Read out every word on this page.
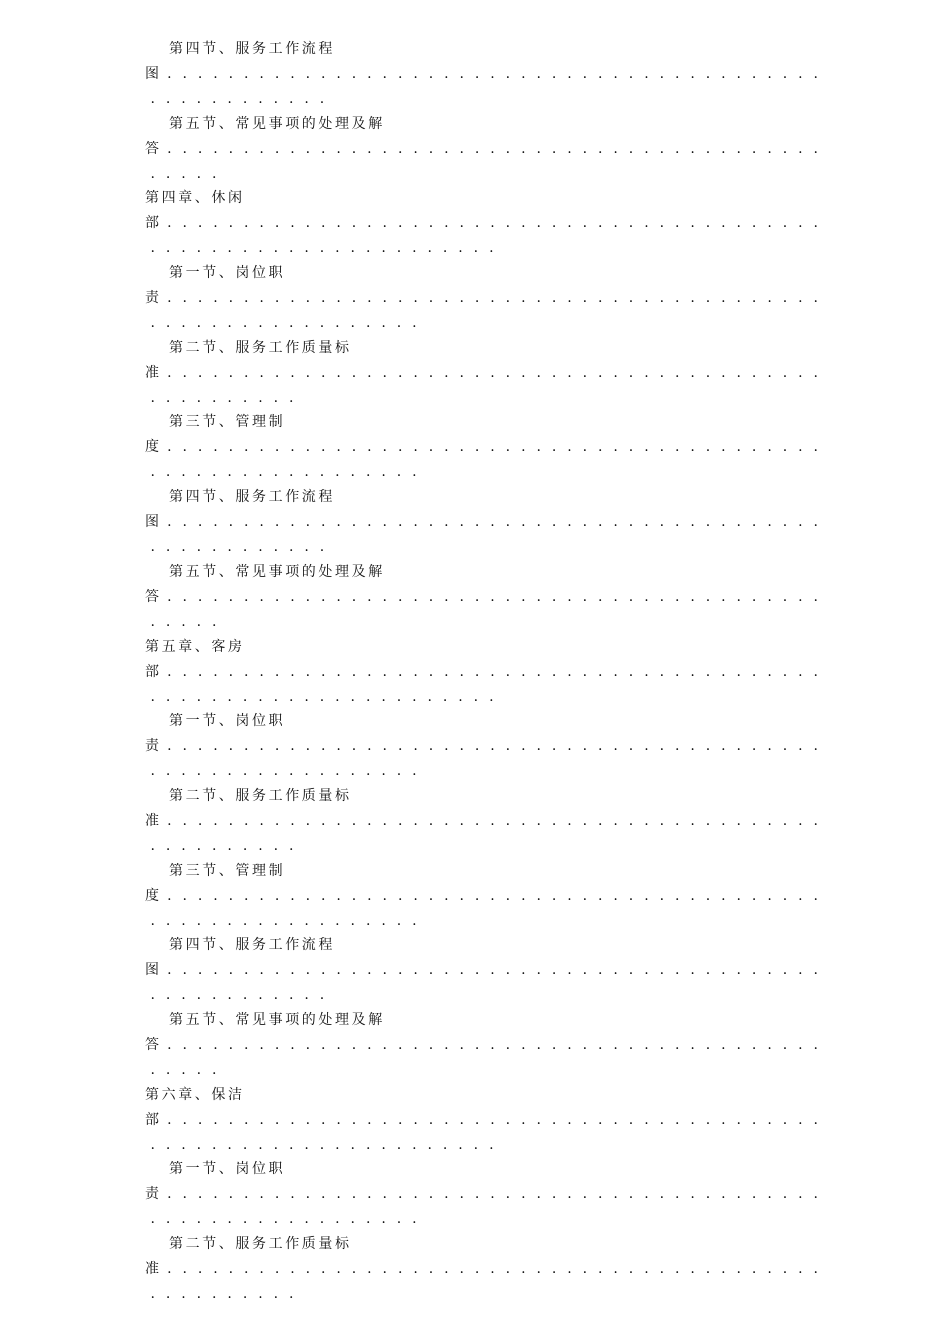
第四节、服务工作流程
图 . . . . . . . . . . . . . . . . . . . . . . . . . . . . . . . . . . . . . . . . . . .
. . . . . . . . . . . .
第五节、常见事项的处理及解
答 . . . . . . . . . . . . . . . . . . . . . . . . . . . . . . . . . . . . . . . . . . .
. . . . .
第四章、休闲
部 . . . . . . . . . . . . . . . . . . . . . . . . . . . . . . . . . . . . . . . . . . .
. . . . . . . . . . . . . . . . . . . . . . .
第一节、岗位职
责 . . . . . . . . . . . . . . . . . . . . . . . . . . . . . . . . . . . . . . . . . . .
. . . . . . . . . . . . . . . . . .
第二节、服务工作质量标
准 . . . . . . . . . . . . . . . . . . . . . . . . . . . . . . . . . . . . . . . . . . .
. . . . . . . . . .
第三节、管理制
度 . . . . . . . . . . . . . . . . . . . . . . . . . . . . . . . . . . . . . . . . . . .
. . . . . . . . . . . . . . . . . .
第四节、服务工作流程
图 . . . . . . . . . . . . . . . . . . . . . . . . . . . . . . . . . . . . . . . . . . .
. . . . . . . . . . . .
第五节、常见事项的处理及解
答 . . . . . . . . . . . . . . . . . . . . . . . . . . . . . . . . . . . . . . . . . . .
. . . . .
第五章、客房
部 . . . . . . . . . . . . . . . . . . . . . . . . . . . . . . . . . . . . . . . . . . .
. . . . . . . . . . . . . . . . . . . . . . .
第一节、岗位职
责 . . . . . . . . . . . . . . . . . . . . . . . . . . . . . . . . . . . . . . . . . . .
. . . . . . . . . . . . . . . . . .
第二节、服务工作质量标
准 . . . . . . . . . . . . . . . . . . . . . . . . . . . . . . . . . . . . . . . . . . .
. . . . . . . . . .
第三节、管理制
度 . . . . . . . . . . . . . . . . . . . . . . . . . . . . . . . . . . . . . . . . . . .
. . . . . . . . . . . . . . . . . .
第四节、服务工作流程
图 . . . . . . . . . . . . . . . . . . . . . . . . . . . . . . . . . . . . . . . . . . .
. . . . . . . . . . . .
第五节、常见事项的处理及解
答 . . . . . . . . . . . . . . . . . . . . . . . . . . . . . . . . . . . . . . . . . . .
. . . . .
第六章、保洁
部 . . . . . . . . . . . . . . . . . . . . . . . . . . . . . . . . . . . . . . . . . . .
. . . . . . . . . . . . . . . . . . . . . . .
第一节、岗位职
责 . . . . . . . . . . . . . . . . . . . . . . . . . . . . . . . . . . . . . . . . . . .
. . . . . . . . . . . . . . . . . .
第二节、服务工作质量标
准 . . . . . . . . . . . . . . . . . . . . . . . . . . . . . . . . . . . . . . . . . . .
. . . . . . . . . .
